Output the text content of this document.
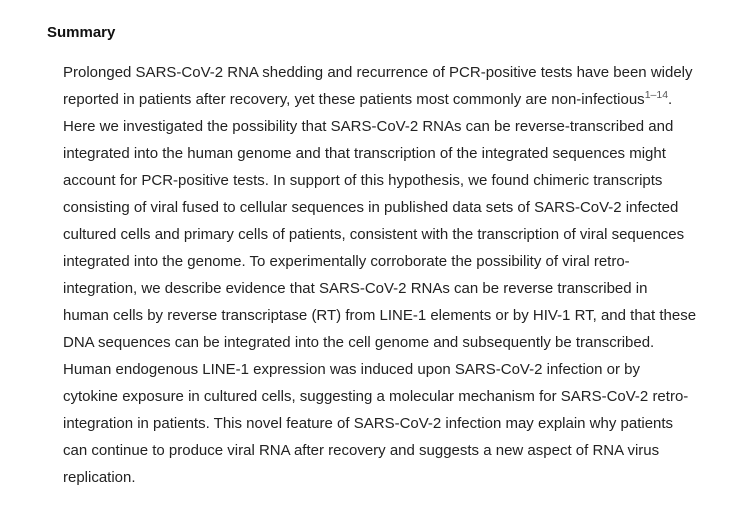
Summary

Prolonged SARS-CoV-2 RNA shedding and recurrence of PCR-positive tests have been widely
reported in patients after recovery, yet these patients most commonly are non-infectious$^{1-14}$.
Here we investigated the possibility that SARS-CoV-2 RNAs can be reverse-transcribed and
integrated into the human genome and that transcription of the integrated sequences might
account for PCR-positive tests. In support of this hypothesis, we found chimeric transcripts
consisting of viral fused to cellular sequences in published data sets of SARS-CoV-2 infected
cultured cells and primary cells of patients, consistent with the transcription of viral sequences
integrated into the genome. To experimentally corroborate the possibility of viral retro-
integration, we describe evidence that SARS-CoV-2 RNAs can be reverse transcribed in
human cells by reverse transcriptase (RT) from LINE-1 elements or by HIV-1 RT, and that these
DNA sequences can be integrated into the cell genome and subsequently be transcribed.
Human endogenous LINE-1 expression was induced upon SARS-CoV-2 infection or by
cytokine exposure in cultured cells, suggesting a molecular mechanism for SARS-CoV-2 retro-
integration in patients. This novel feature of SARS-CoV-2 infection may explain why patients
can continue to produce viral RNA after recovery and suggests a new aspect of RNA virus
replication.
